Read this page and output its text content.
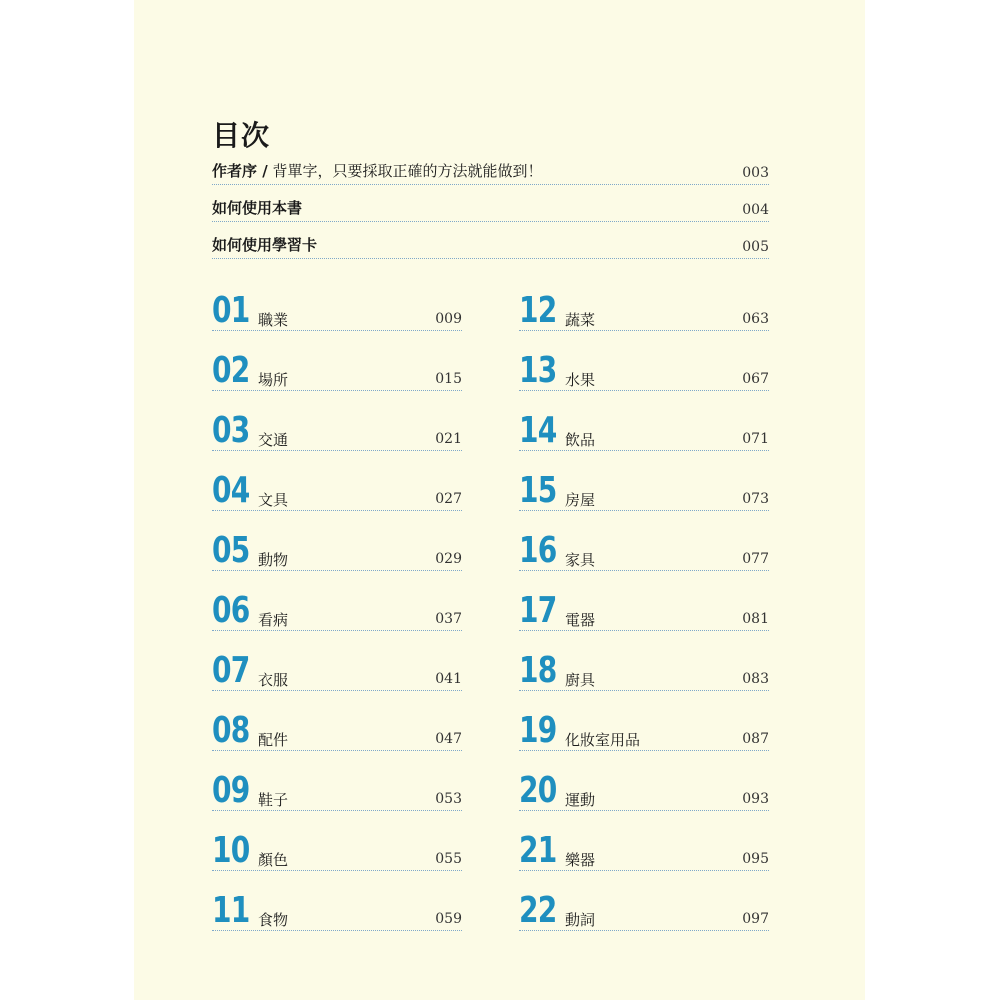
目次
作者序 / 背單字，只要採取正確的方法就能做到！	003
如何使用本書	004
如何使用學習卡	005
01 職業	009
02 場所	015
03 交通	021
04 文具	027
05 動物	029
06 看病	037
07 衣服	041
08 配件	047
09 鞋子	053
10 顏色	055
11 食物	059
12 蔬菜	063
13 水果	067
14 飲品	071
15 房屋	073
16 家具	077
17 電器	081
18 廚具	083
19 化妝室用品	087
20 運動	093
21 樂器	095
22 動詞	097
